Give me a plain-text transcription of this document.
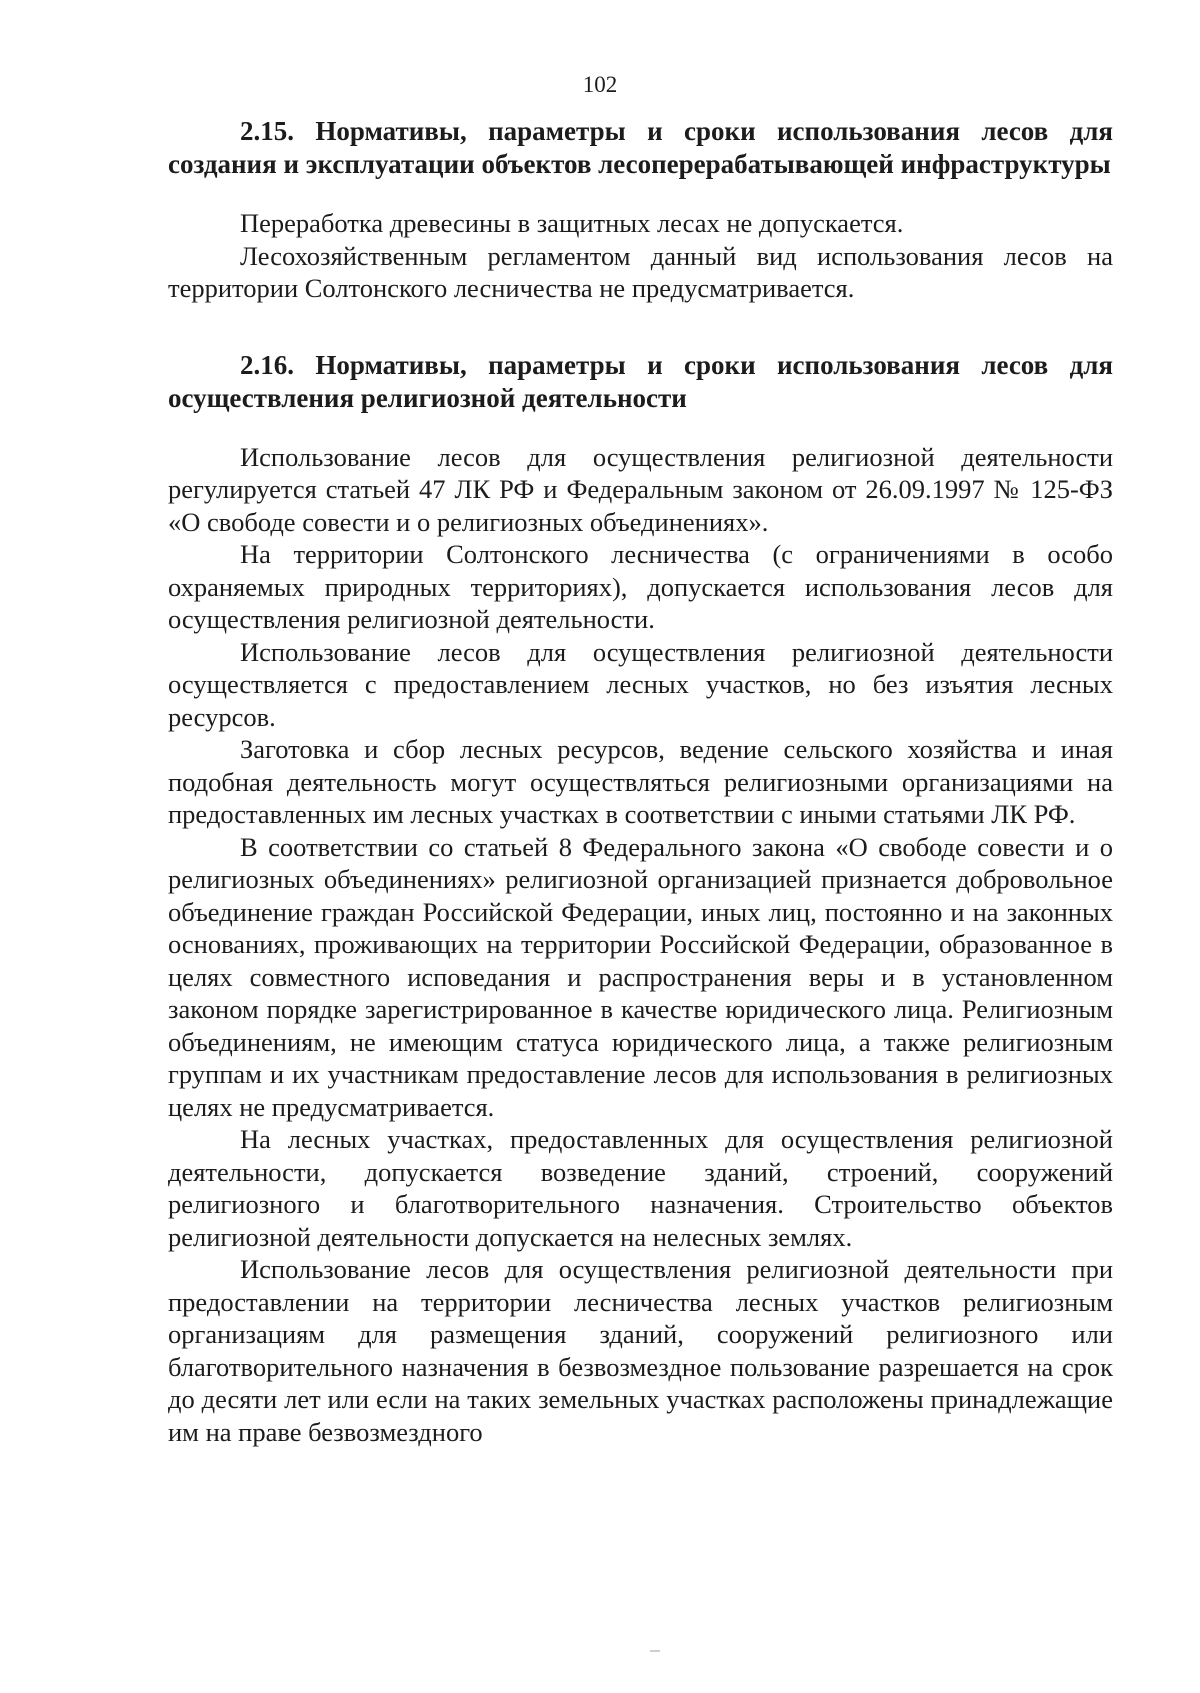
102

2.15. Нормативы, параметры и сроки использования лесов для создания и эксплуатации объектов лесоперерабатывающей инфраструктуры

Переработка древесины в защитных лесах не допускается.

Лесохозяйственным регламентом данный вид использования лесов на территории Солтонского лесничества не предусматривается.

2.16. Нормативы, параметры и сроки использования лесов для осуществления религиозной деятельности

Использование лесов для осуществления религиозной деятельности регулируется статьей 47 ЛК РФ и Федеральным законом от 26.09.1997 № 125-ФЗ «О свободе совести и о религиозных объединениях».

На территории Солтонского лесничества (с ограничениями в особо охраняемых природных территориях), допускается использования лесов для осуществления религиозной деятельности.

Использование лесов для осуществления религиозной деятельности осуществляется с предоставлением лесных участков, но без изъятия лесных ресурсов.

Заготовка и сбор лесных ресурсов, ведение сельского хозяйства и иная подобная деятельность могут осуществляться религиозными организациями на предоставленных им лесных участках в соответствии с иными статьями ЛК РФ.

В соответствии со статьей 8 Федерального закона «О свободе совести и о религиозных объединениях» религиозной организацией признается добровольное объединение граждан Российской Федерации, иных лиц, постоянно и на законных основаниях, проживающих на территории Российской Федерации, образованное в целях совместного исповедания и распространения веры и в установленном законом порядке зарегистрированное в качестве юридического лица. Религиозным объединениям, не имеющим статуса юридического лица, а также религиозным группам и их участникам предоставление лесов для использования в религиозных целях не предусматривается.

На лесных участках, предоставленных для осуществления религиозной деятельности, допускается возведение зданий, строений, сооружений религиозного и благотворительного назначения. Строительство объектов религиозной деятельности допускается на нелесных землях.

Использование лесов для осуществления религиозной деятельности при предоставлении на территории лесничества лесных участков религиозным организациям для размещения зданий, сооружений религиозного или благотворительного назначения в безвозмездное пользование разрешается на срок до десяти лет или если на таких земельных участках расположены принадлежащие им на праве безвозмездного
